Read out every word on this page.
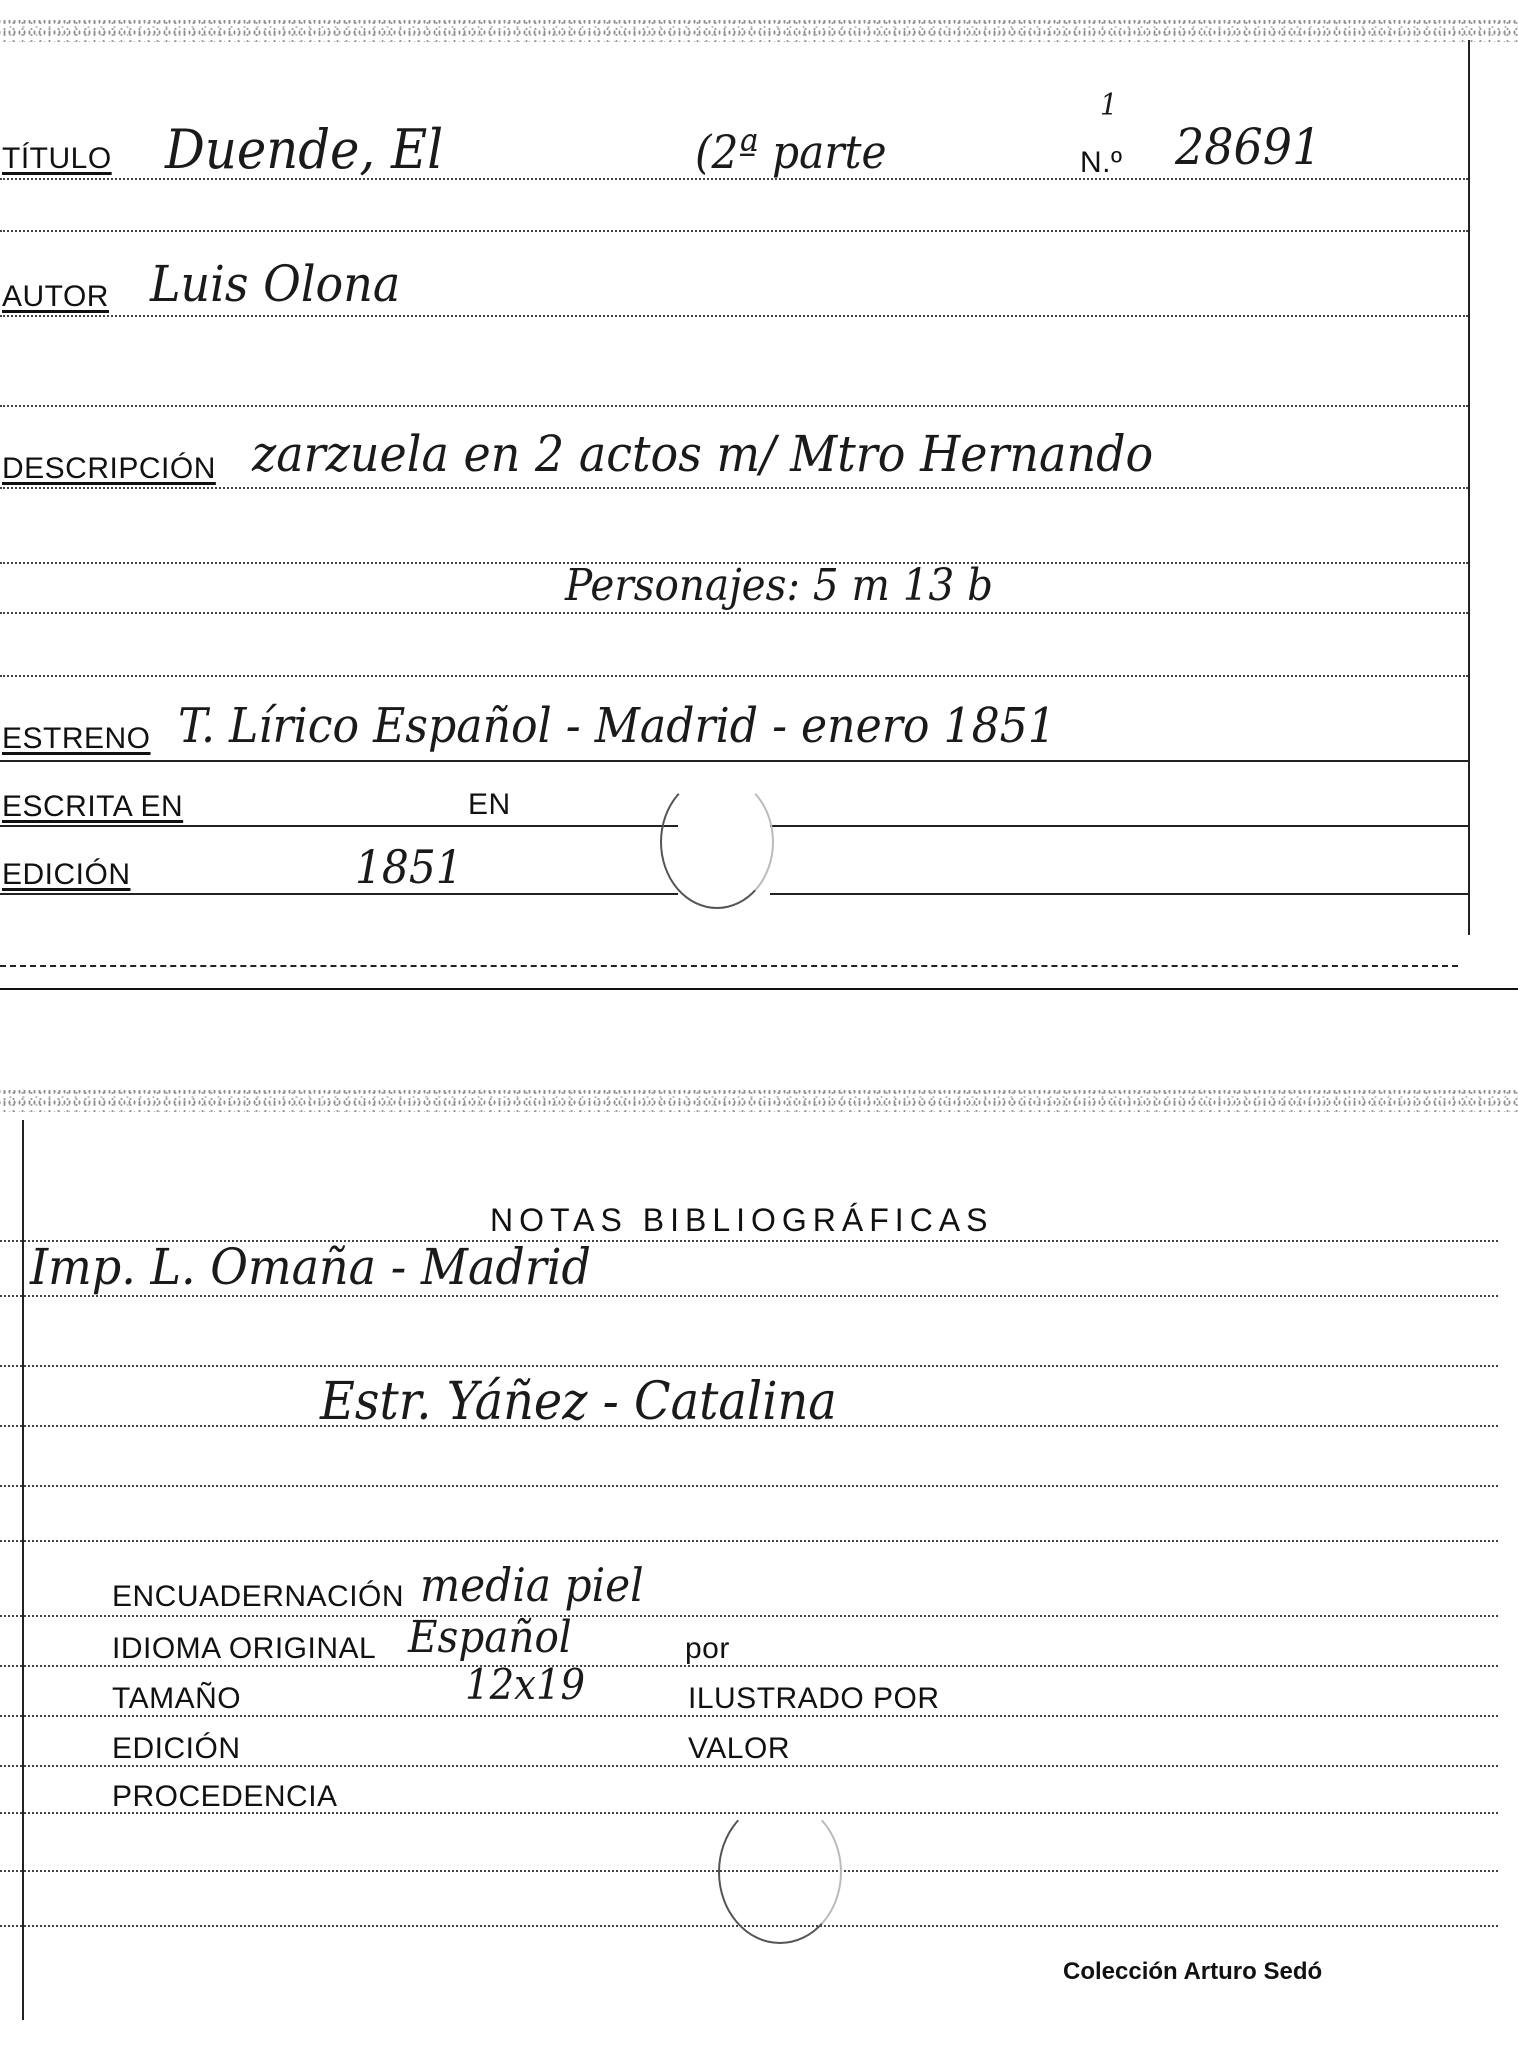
TÍTULO Duende, El	(2ª parte	N.º
1
28691
AUTOR Luis Olona
DESCRIPCIÓN zarzuela en 2 actos m/ Mtro Hernando
Personajes: 5 m 13 b
ESTRENO T. Lírico Español - Madrid - enero 1851
ESCRITA EN	EN
EDICIÓN	1851
NOTAS BIBLIOGRÁFICAS
Imp. L. Omaña - Madrid
Estr. Yáñez - Catalina
ENCUADERNACIÓN media piel
IDIOMA ORIGINAL Español	por
TAMAÑO	12x19	ILUSTRADO POR
EDICIÓN	VALOR
PROCEDENCIA
Colección Arturo Sedó
